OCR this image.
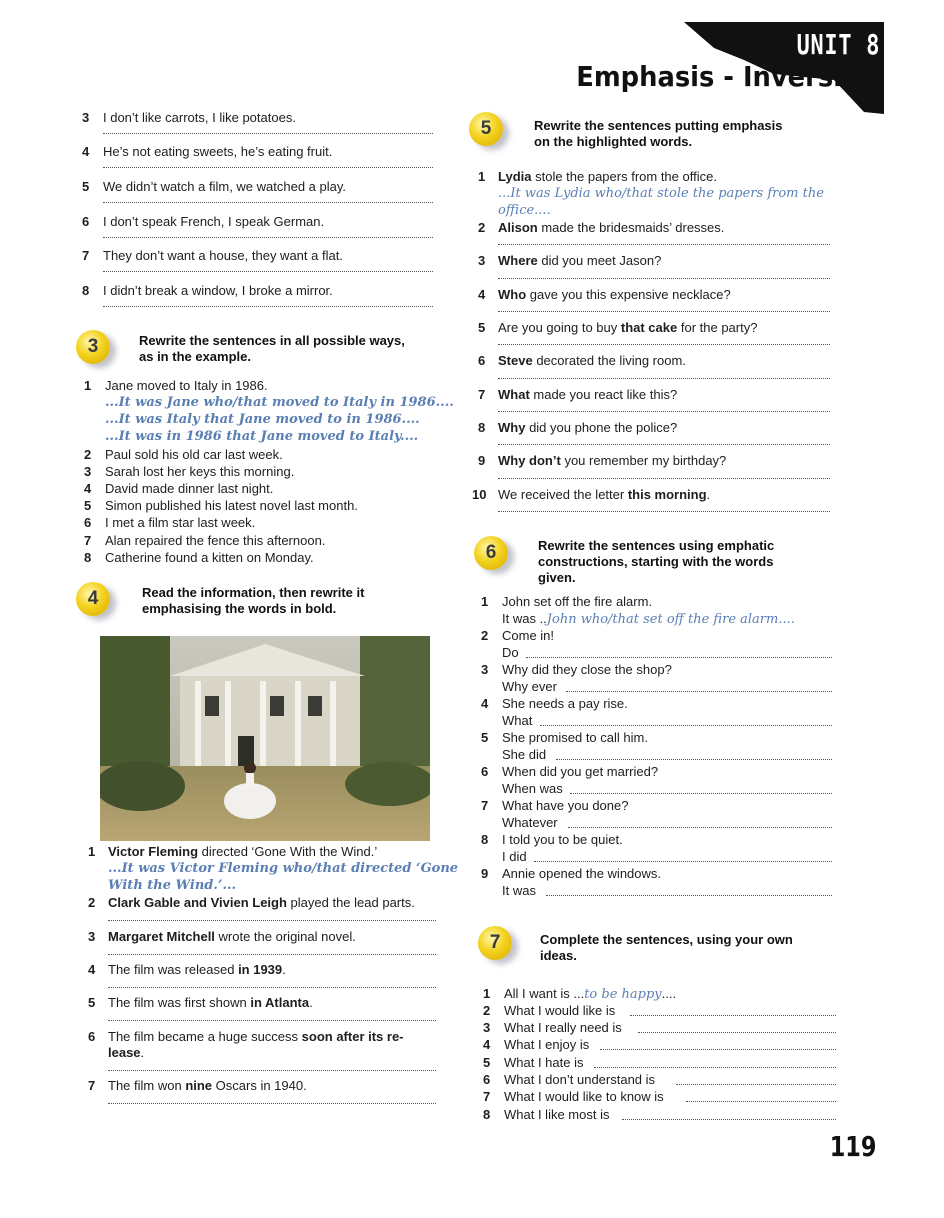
UNIT 8
Emphasis - Inversion
3 I don’t like carrots, I like potatoes.
4 He’s not eating sweets, he’s eating fruit.
5 We didn’t watch a film, we watched a play.
6 I don’t speak French, I speak German.
7 They don’t want a house, they want a flat.
8 I didn’t break a window, I broke a mirror.
3	Rewrite the sentences in all possible ways,
as in the example.
1 Jane moved to Italy in 1986.
...It was Jane who/that moved to Italy in 1986....
...It was Italy that Jane moved to in 1986....
...It was in 1986 that Jane moved to Italy....
2 Paul sold his old car last week.
3 Sarah lost her keys this morning.
4 David made dinner last night.
5 Simon published his latest novel last month.
6 I met a film star last week.
7 Alan repaired the fence this afternoon.
8 Catherine found a kitten on Monday.
4	Read the information, then rewrite it
emphasising the words in bold.
1 Victor Fleming directed ‘Gone With the Wind.’
...It was Victor Fleming who/that directed ‘Gone
With the Wind.’...
2 Clark Gable and Vivien Leigh played the lead parts.
3 Margaret Mitchell wrote the original novel.
4 The film was released in 1939.
5 The film was first shown in Atlanta.
6 The film became a huge success soon after its re-
lease.
7 The film won nine Oscars in 1940.
5	Rewrite the sentences putting emphasis
on the highlighted words.
1 Lydia stole the papers from the office.
...It was Lydia who/that stole the papers from the
office....
2 Alison made the bridesmaids’ dresses.
3 Where did you meet Jason?
4 Who gave you this expensive necklace?
5 Are you going to buy that cake for the party?
6 Steve decorated the living room.
7 What made you react like this?
8 Why did you phone the police?
9 Why don’t you remember my birthday?
10 We received the letter this morning.
6	Rewrite the sentences using emphatic
constructions, starting with the words
given.
1 John set off the fire alarm.
It was ..John who/that set off the fire alarm....
2 Come in!
Do
3 Why did they close the shop?
Why ever
4 She needs a pay rise.
What
5 She promised to call him.
She did
6 When did you get married?
When was
7 What have you done?
Whatever
8 I told you to be quiet.
I did
9 Annie opened the windows.
It was
7	Complete the sentences, using your own
ideas.
1 All I want is ...to be happy....
2 What I would like is
3 What I really need is
4 What I enjoy is
5 What I hate is
6 What I don’t understand is
7 What I would like to know is
8 What I like most is
119
